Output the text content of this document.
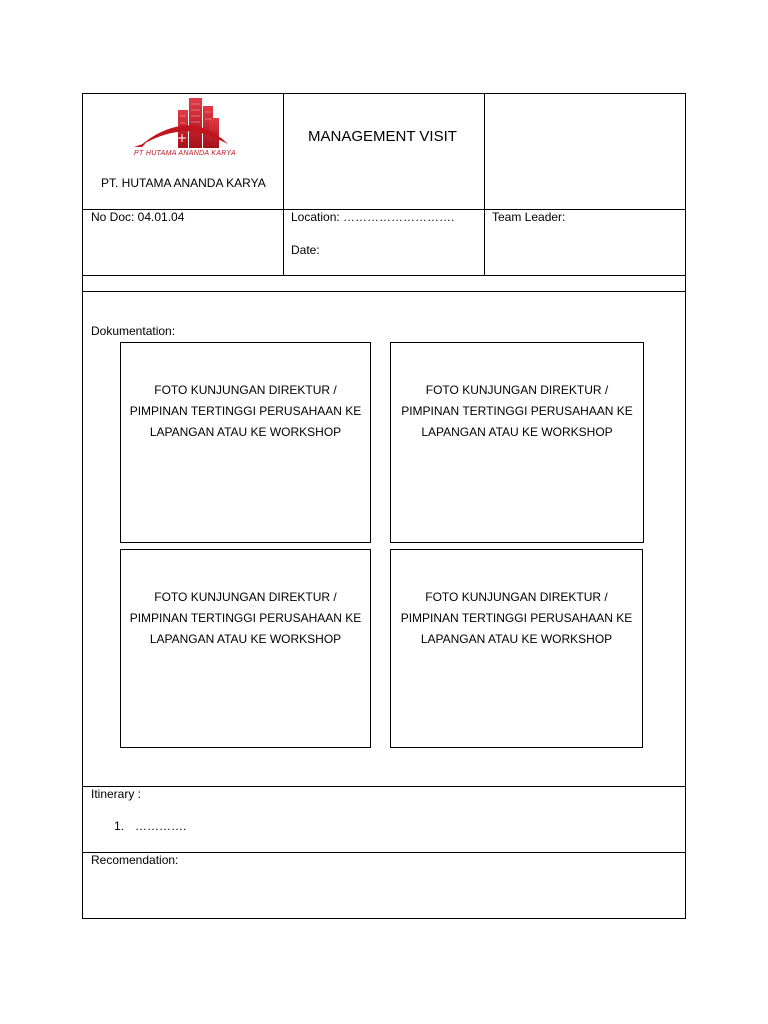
PT HUTAMA ANANDA KARYA
PT. HUTAMA ANANDA KARYA
MANAGEMENT VISIT
No Doc: 04.01.04	Location: ……………………….
Date:
Team Leader:
Dokumentation:
FOTO KUNJUNGAN DIREKTUR /
PIMPINAN TERTINGGI PERUSAHAAN KE
LAPANGAN ATAU KE WORKSHOP
FOTO KUNJUNGAN DIREKTUR /
PIMPINAN TERTINGGI PERUSAHAAN KE
LAPANGAN ATAU KE WORKSHOP
FOTO KUNJUNGAN DIREKTUR /
PIMPINAN TERTINGGI PERUSAHAAN KE
LAPANGAN ATAU KE WORKSHOP
FOTO KUNJUNGAN DIREKTUR /
PIMPINAN TERTINGGI PERUSAHAAN KE
LAPANGAN ATAU KE WORKSHOP
Itinerary :
1. ………….
Recomendation:
